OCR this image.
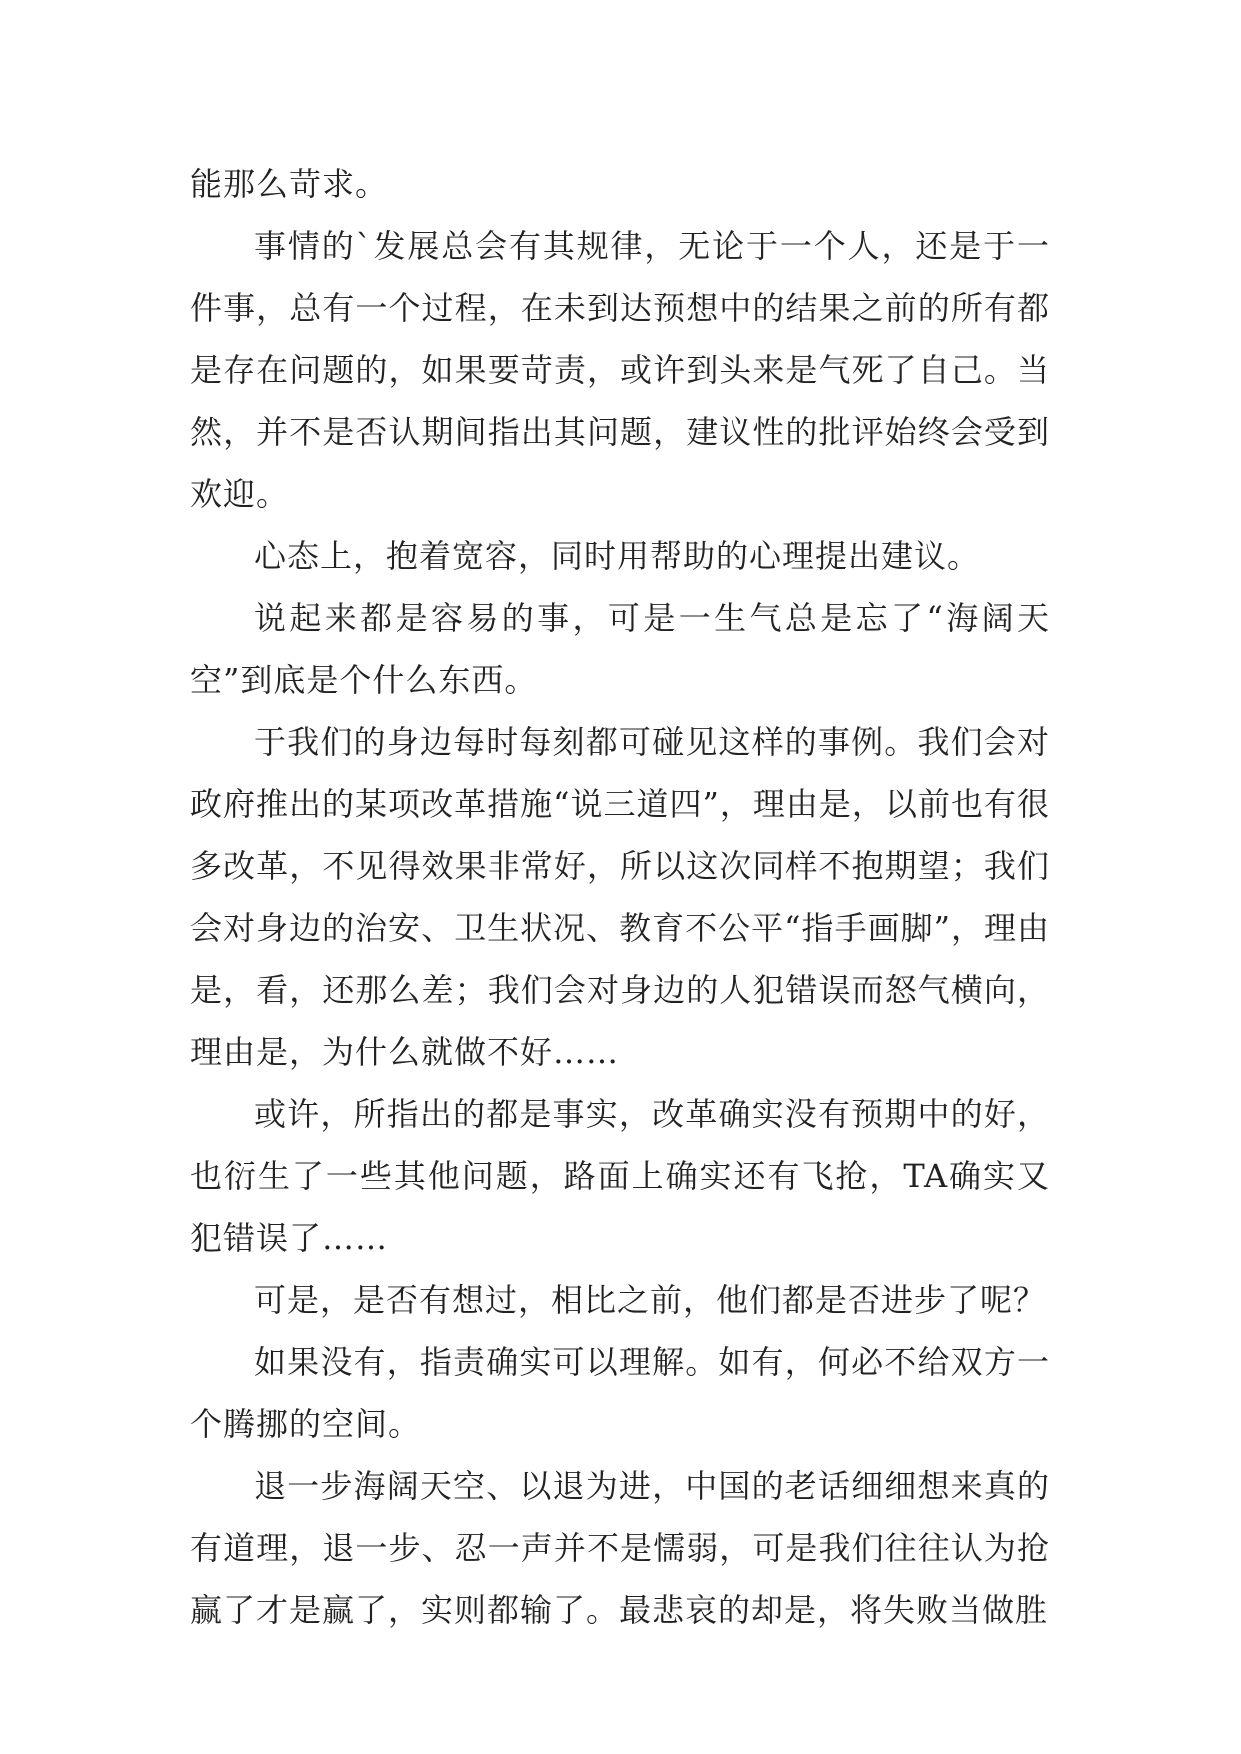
能那么苛求。

事情的`发展总会有其规律，无论于一个人，还是于一件事，总有一个过程，在未到达预想中的结果之前的所有都是存在问题的，如果要苛责，或许到头来是气死了自己。当然，并不是否认期间指出其问题，建议性的批评始终会受到欢迎。

心态上，抱着宽容，同时用帮助的心理提出建议。

说起来都是容易的事，可是一生气总是忘了“海阔天空”到底是个什么东西。

于我们的身边每时每刻都可碰见这样的事例。我们会对政府推出的某项改革措施“说三道四”，理由是，以前也有很多改革，不见得效果非常好，所以这次同样不抱期望；我们会对身边的治安、卫生状况、教育不公平“指手画脚”，理由是，看，还那么差；我们会对身边的人犯错误而怒气横向，理由是，为什么就做不好……

或许，所指出的都是事实，改革确实没有预期中的好，也衍生了一些其他问题，路面上确实还有飞抢，TA确实又犯错误了……

可是，是否有想过，相比之前，他们都是否进步了呢？

如果没有，指责确实可以理解。如有，何必不给双方一个腾挪的空间。

退一步海阔天空、以退为进，中国的老话细细想来真的有道理，退一步、忍一声并不是懦弱，可是我们往往认为抢赢了才是赢了，实则都输了。最悲哀的却是，将失败当做胜
